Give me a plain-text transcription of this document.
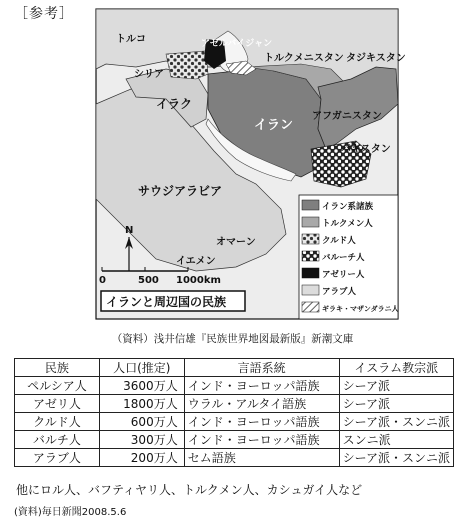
［参考］
トルコ	アゼルバイジャン
トルクメニスタン タジキスタン
シリア
イラク
イラン
アフガニスタン
パキスタン
サウジアラビア
オマーン
イエメン
N
0	500 1000km
イランと周辺国の民族
イラン系諸族
トルクメン人
クルド人
バルーチ人
アゼリー人
アラブ人
ギラキ・マザンダラニ人
（資料）浅井信雄『民族世界地図最新版』新潮文庫
民族	人口(推定)	言語系統	イスラム教宗派
ペルシア人	3600万人	インド・ヨーロッパ語族	シーア派
アゼリ人	1800万人	ウラル・アルタイ語族	シーア派
クルド人	600万人	インド・ヨーロッパ語族	シーア派・スンニ派
バルチ人	300万人	インド・ヨーロッパ語族	スンニ派
アラブ人	200万人	セム語族	シーア派・スンニ派
他にロル人、バフティヤリ人、トルクメン人、カシュガイ人など
(資料)毎日新聞2008.5.6
